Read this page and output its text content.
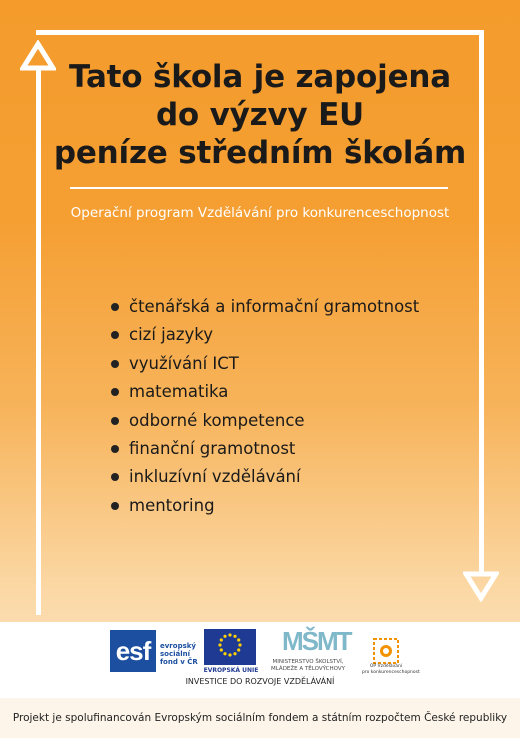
Tato škola je zapojena
do výzvy EU
peníze středním školám
Operační program Vzdělávání pro konkurenceschopnost
čtenářská a informační gramotnost
cizí jazyky
využívání ICT
matematika
odborné kompetence
finanční gramotnost
inkluzívní vzdělávání
mentoring
esf	evropský
sociální
fond v ČR
EVROPSKÁ UNIE
MŠMT
MINISTERSTVO ŠKOLSTVÍ,
MLÁDEŽE A TĚLOVÝCHOVY	OP Vzdělávání
pro konkurenceschopnost
INVESTICE DO ROZVOJE VZDĚLÁVÁNÍ
Projekt je spolufinancován Evropským sociálním fondem a státním rozpočtem České republiky
